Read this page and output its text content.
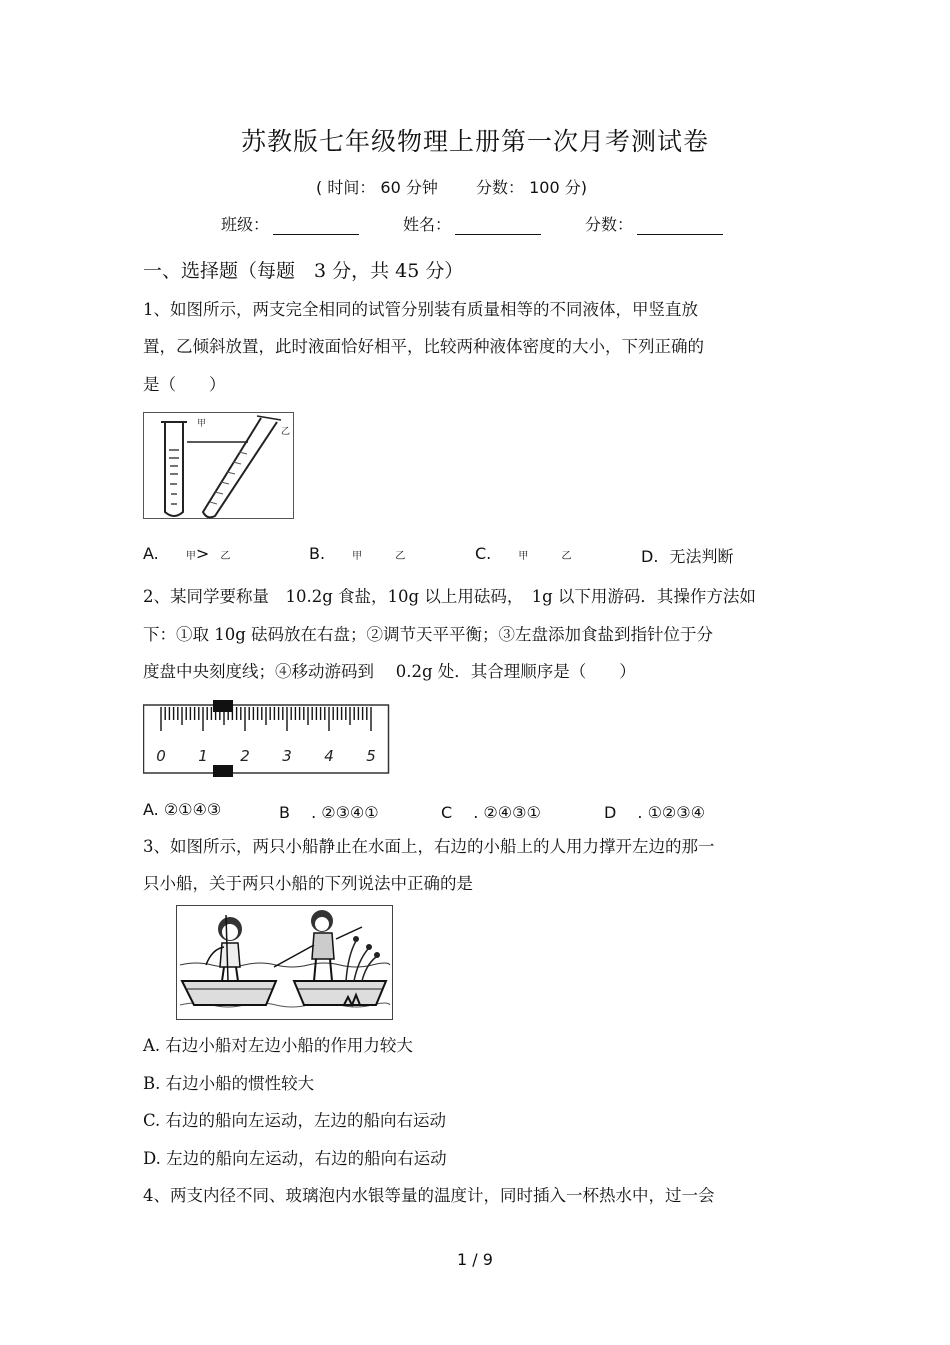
苏教版七年级物理上册第一次月考测试卷
( 时间： 60 分钟 分数： 100 分)
班级：	姓名：	分数：
一、选择题（每题　3 分，共 45 分）
1、如图所示，两支完全相同的试管分别装有质量相等的不同液体，甲竖直放
置，乙倾斜放置，此时液面恰好相平，比较两种液体密度的大小，下列正确的
是（　　）
甲
乙
A.	甲> 乙	B.	甲	乙	C.	甲	乙	D. 无法判断
2、某同学要称量　10.2g 食盐，10g 以上用砝码，　1g 以下用游码．其操作方法如
下：①取 10g 砝码放在右盘；②调节天平平衡；③左盘添加食盐到指针位于分
度盘中央刻度线；④移动游码到　 0.2g 处．其合理顺序是（　　）
0 1 2 3 4 5
A. ②①④③	B　 . ②③④①	C　 . ②④③①	D　 . ①②③④
3、如图所示，两只小船静止在水面上，右边的小船上的人用力撑开左边的那一
只小船，关于两只小船的下列说法中正确的是
A. 右边小船对左边小船的作用力较大
B. 右边小船的惯性较大
C. 右边的船向左运动，左边的船向右运动
D. 左边的船向左运动，右边的船向右运动
4、两支内径不同、玻璃泡内水银等量的温度计，同时插入一杯热水中，过一会
1 / 9
